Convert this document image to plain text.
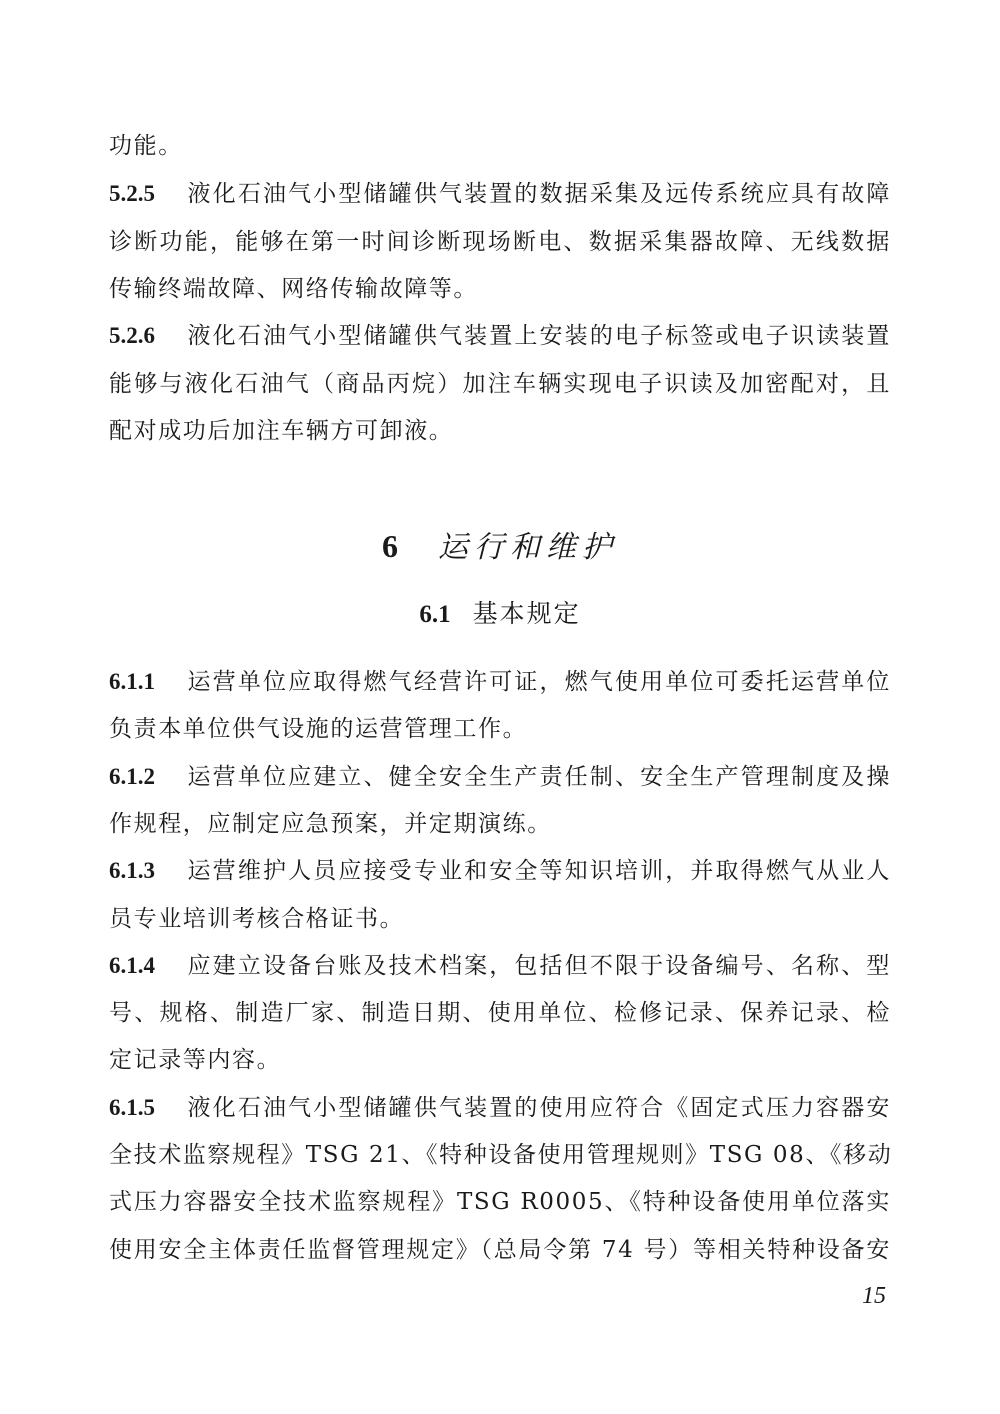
功能。
5.2.5 液化石油气小型储罐供气装置的数据采集及远传系统应具有故障
诊断功能，能够在第一时间诊断现场断电、数据采集器故障、无线数据
传输终端故障、网络传输故障等。
5.2.6 液化石油气小型储罐供气装置上安装的电子标签或电子识读装置
能够与液化石油气（商品丙烷）加注车辆实现电子识读及加密配对，且
配对成功后加注车辆方可卸液。
6 运行和维护
6.1 基本规定
6.1.1 运营单位应取得燃气经营许可证，燃气使用单位可委托运营单位
负责本单位供气设施的运营管理工作。
6.1.2 运营单位应建立、健全安全生产责任制、安全生产管理制度及操
作规程，应制定应急预案，并定期演练。
6.1.3 运营维护人员应接受专业和安全等知识培训，并取得燃气从业人
员专业培训考核合格证书。
6.1.4 应建立设备台账及技术档案，包括但不限于设备编号、名称、型
号、规格、制造厂家、制造日期、使用单位、检修记录、保养记录、检
定记录等内容。
6.1.5 液化石油气小型储罐供气装置的使用应符合《固定式压力容器安
全技术监察规程》TSG 21、《特种设备使用管理规则》TSG 08、《移动
式压力容器安全技术监察规程》TSG R0005、《特种设备使用单位落实
使用安全主体责任监督管理规定》（总局令第 74 号）等相关特种设备安
15
